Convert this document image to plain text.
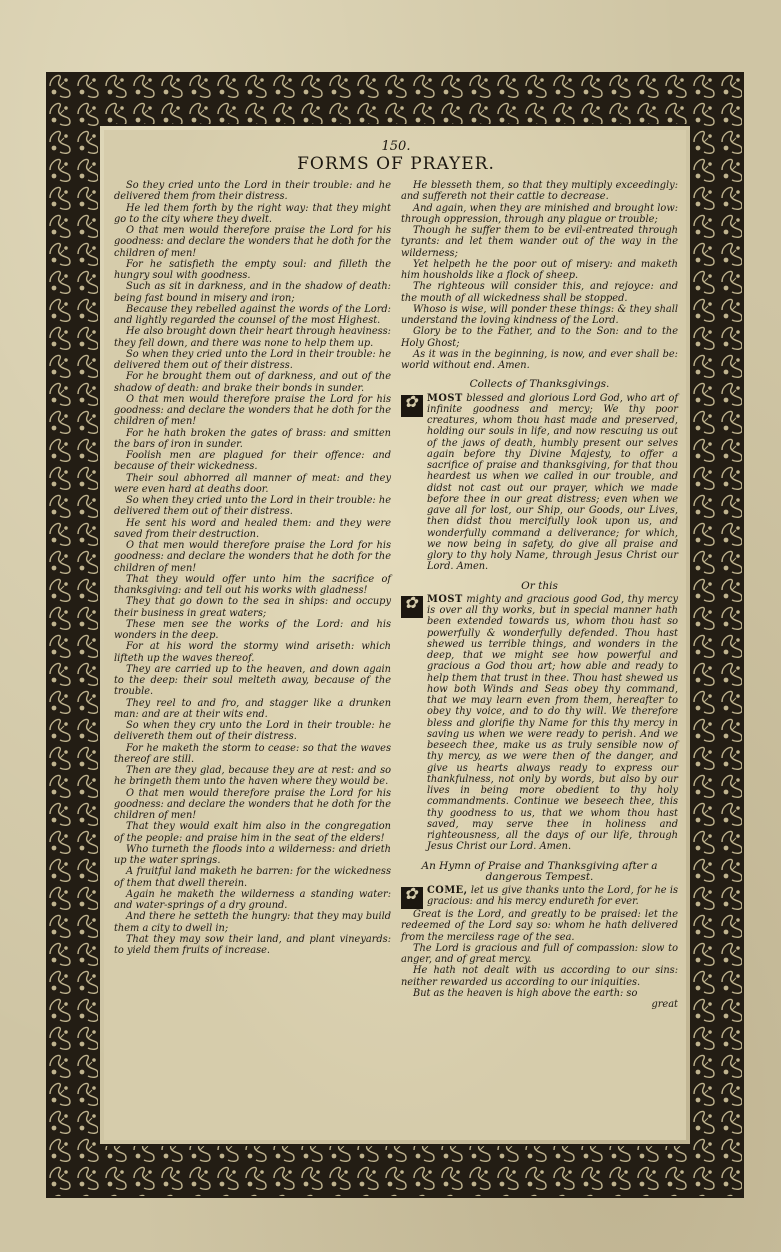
150.
FORMS OF PRAYER.

So they cried unto the Lord in their trouble: and he delivered them from their distress.

He led them forth by the right way: that they might go to the city where they dwelt.

O that men would therefore praise the Lord for his goodness: and declare the wonders that he doth for the children of men!

For he satisfieth the empty soul: and filleth the hungry soul with goodness.

Such as sit in darkness, and in the shadow of death: being fast bound in misery and iron;

Because they rebelled against the words of the Lord: and lightly regarded the counsel of the most Highest.

He also brought down their heart through heaviness: they fell down, and there was none to help them up.

So when they cried unto the Lord in their trouble: he delivered them out of their distress.

For he brought them out of darkness, and out of the shadow of death: and brake their bonds in sunder.

O that men would therefore praise the Lord for his goodness: and declare the wonders that he doth for the children of men!

For he hath broken the gates of brass: and smitten the bars of iron in sunder.

Foolish men are plagued for their offence: and because of their wickedness.

Their soul abhorred all manner of meat: and they were even hard at deaths door.

So when they cried unto the Lord in their trouble: he delivered them out of their distress.

He sent his word and healed them: and they were saved from their destruction.

O that men would therefore praise the Lord for his goodness: and declare the wonders that he doth for the children of men!

That they would offer unto him the sacrifice of thanksgiving: and tell out his works with gladness!

They that go down to the sea in ships: and occupy their business in great waters;

These men see the works of the Lord: and his wonders in the deep.

For at his word the stormy wind ariseth: which lifteth up the waves thereof.

They are carried up to the heaven, and down again to the deep: their soul melteth away, because of the trouble.

They reel to and fro, and stagger like a drunken man: and are at their wits end.

So when they cry unto the Lord in their trouble: he delivereth them out of their distress.

For he maketh the storm to cease: so that the waves thereof are still.

Then are they glad, because they are at rest: and so he bringeth them unto the haven where they would be.

O that men would therefore praise the Lord for his goodness: and declare the wonders that he doth for the children of men!

That they would exalt him also in the congregation of the people: and praise him in the seat of the elders!

Who turneth the floods into a wilderness: and drieth up the water springs.

A fruitful land maketh he barren: for the wickedness of them that dwell therein.

Again he maketh the wilderness a standing water: and water-springs of a dry ground.

And there he setteth the hungry: that they may build them a city to dwell in;

That they may sow their land, and plant vineyards: to yield them fruits of increase.

He blesseth them, so that they multiply exceedingly: and suffereth not their cattle to decrease.

And again, when they are minished and brought low: through oppression, through any plague or trouble;

Though he suffer them to be evil-entreated through tyrants: and let them wander out of the way in the wilderness;

Yet helpeth he the poor out of misery: and maketh him housholds like a flock of sheep.

The righteous will consider this, and rejoyce: and the mouth of all wickedness shall be stopped.

Whoso is wise, will ponder these things: & they shall understand the loving kindness of the Lord.

Glory be to the Father, and to the Son: and to the Holy Ghost;

As it was in the beginning, is now, and ever shall be: world without end. Amen.

Collects of Thanksgivings.
✿

MOST blessed and glorious Lord God, who art of infinite goodness and mercy; We thy poor creatures, whom thou hast made and preserved, holding our souls in life, and now rescuing us out of the jaws of death, humbly present our selves again before thy Divine Majesty, to offer a sacrifice of praise and thanksgiving, for that thou heardest us when we called in our trouble, and didst not cast out our prayer, which we made before thee in our great distress; even when we gave all for lost, our Ship, our Goods, our Lives, then didst thou mercifully look upon us, and wonderfully command a deliverance; for which, we now being in safety, do give all praise and glory to thy holy Name, through Jesus Christ our Lord. Amen.

Or this
✿

MOST mighty and gracious good God, thy mercy is over all thy works, but in special manner hath been extended towards us, whom thou hast so powerfully & wonderfully defended. Thou hast shewed us terrible things, and wonders in the deep, that we might see how powerful and gracious a God thou art; how able and ready to help them that trust in thee. Thou hast shewed us how both Winds and Seas obey thy command, that we may learn even from them, hereafter to obey thy voice, and to do thy will. We therefore bless and glorifie thy Name for this thy mercy in saving us when we were ready to perish. And we beseech thee, make us as truly sensible now of thy mercy, as we were then of the danger, and give us hearts always ready to express our thankfulness, not only by words, but also by our lives in being more obedient to thy holy commandments. Continue we beseech thee, this thy goodness to us, that we whom thou hast saved, may serve thee in holiness and righteousness, all the days of our life, through Jesus Christ our Lord. Amen.

An Hymn of Praise and Thanksgiving after a dangerous Tempest.
✿

COME, let us give thanks unto the Lord, for he is gracious: and his mercy endureth for ever.

Great is the Lord, and greatly to be praised: let the redeemed of the Lord say so: whom he hath delivered from the merciless rage of the sea.

The Lord is gracious and full of compassion: slow to anger, and of great mercy.

He hath not dealt with us according to our sins: neither rewarded us according to our iniquities.

But as the heaven is high above the earth: so

great
